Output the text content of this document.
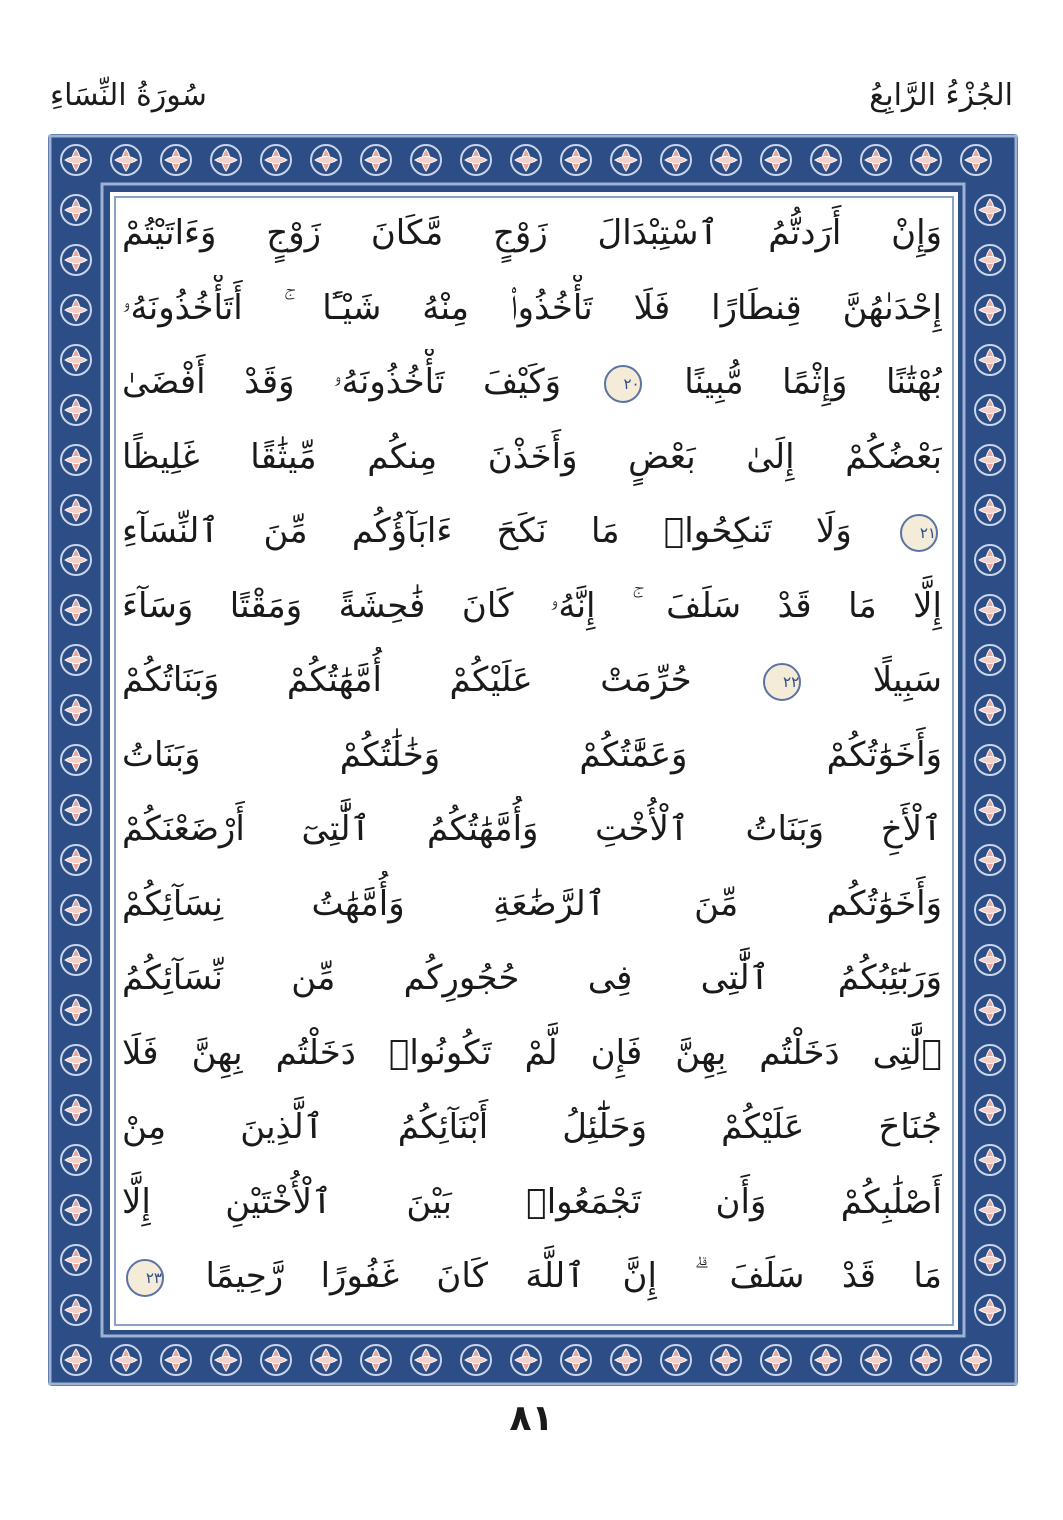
الجُزْءُ الرَّابِعُ
سُورَةُ النِّسَاءِ
وَإِنْ أَرَدتُّمُ ٱسْتِبْدَالَ زَوْجٍ مَّكَانَ زَوْجٍ وَءَاتَيْتُمْ
إِحْدَىٰهُنَّ قِنطَارًا فَلَا تَأْخُذُوا۟ مِنْهُ شَيْـًٔا ۚ أَتَأْخُذُونَهُۥ
بُهْتَٰنًا وَإِثْمًا مُّبِينًا ٢٠ وَكَيْفَ تَأْخُذُونَهُۥ وَقَدْ أَفْضَىٰ
بَعْضُكُمْ إِلَىٰ بَعْضٍ وَأَخَذْنَ مِنكُم مِّيثَٰقًا غَلِيظًا
٢١ وَلَا تَنكِحُوا۟ مَا نَكَحَ ءَابَآؤُكُم مِّنَ ٱلنِّسَآءِ
إِلَّا مَا قَدْ سَلَفَ ۚ إِنَّهُۥ كَانَ فَٰحِشَةً وَمَقْتًا وَسَآءَ
سَبِيلًا ٢٢ حُرِّمَتْ عَلَيْكُمْ أُمَّهَٰتُكُمْ وَبَنَاتُكُمْ
وَأَخَوَٰتُكُمْ وَعَمَّٰتُكُمْ وَخَٰلَٰتُكُمْ وَبَنَاتُ
ٱلْأَخِ وَبَنَاتُ ٱلْأُخْتِ وَأُمَّهَٰتُكُمُ ٱلَّٰتِىٓ أَرْضَعْنَكُمْ
وَأَخَوَٰتُكُم مِّنَ ٱلرَّضَٰعَةِ وَأُمَّهَٰتُ نِسَآئِكُمْ
وَرَبَٰٓئِبُكُمُ ٱلَّٰتِى فِى حُجُورِكُم مِّن نِّسَآئِكُمُ
ٱلَّٰتِى دَخَلْتُم بِهِنَّ فَإِن لَّمْ تَكُونُوا۟ دَخَلْتُم بِهِنَّ فَلَا
جُنَاحَ عَلَيْكُمْ وَحَلَٰٓئِلُ أَبْنَآئِكُمُ ٱلَّذِينَ مِنْ
أَصْلَٰبِكُمْ وَأَن تَجْمَعُوا۟ بَيْنَ ٱلْأُخْتَيْنِ إِلَّا
مَا قَدْ سَلَفَ ۗ إِنَّ ٱللَّهَ كَانَ غَفُورًا رَّحِيمًا ٢٣
٨١
